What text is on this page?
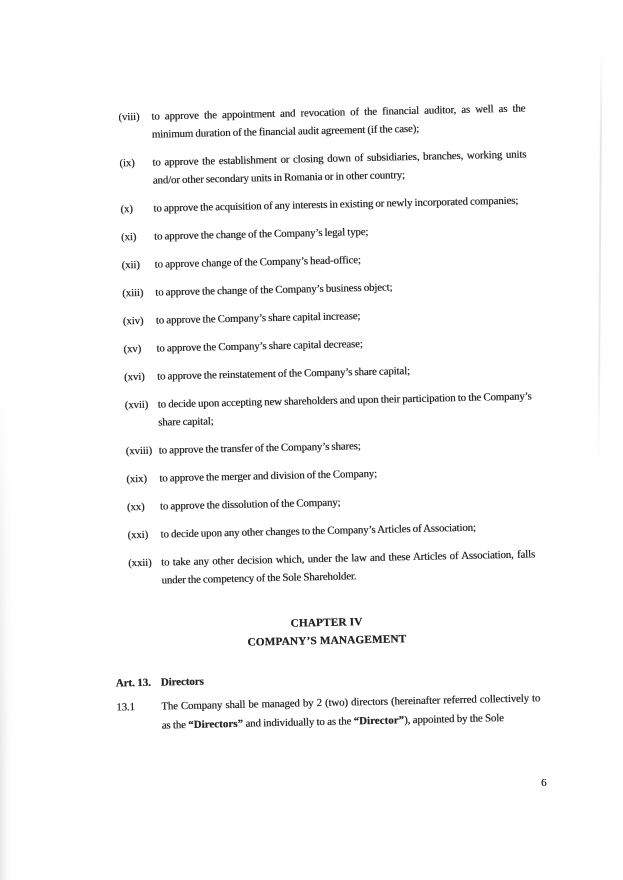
(viii)	to approve the appointment and revocation of the financial auditor, as well as the minimum duration of the financial audit agreement (if the case);
(ix)	to approve the establishment or closing down of subsidiaries, branches, working units and/or other secondary units in Romania or in other country;
(x)	to approve the acquisition of any interests in existing or newly incorporated companies;
(xi)	to approve the change of the Company’s legal type;
(xii)	to approve change of the Company’s head-office;
(xiii)	to approve the change of the Company’s business object;
(xiv)	to approve the Company’s share capital increase;
(xv)	to approve the Company’s share capital decrease;
(xvi)	to approve the reinstatement of the Company’s share capital;
(xvii) to decide upon accepting new shareholders and upon their participation to the Company’s share capital;
(xviii) to approve the transfer of the Company’s shares;
(xix)	to approve the merger and division of the Company;
(xx)	to approve the dissolution of the Company;
(xxi)	to decide upon any other changes to the Company’s Articles of Association;
(xxii) to take any other decision which, under the law and these Articles of Association, falls under the competency of the Sole Shareholder.
CHAPTER IV
COMPANY’S MANAGEMENT
Art. 13. Directors
13.1	The Company shall be managed by 2 (two) directors (hereinafter referred collectively to as the “Directors” and individually to as the “Director”), appointed by the Sole
6
